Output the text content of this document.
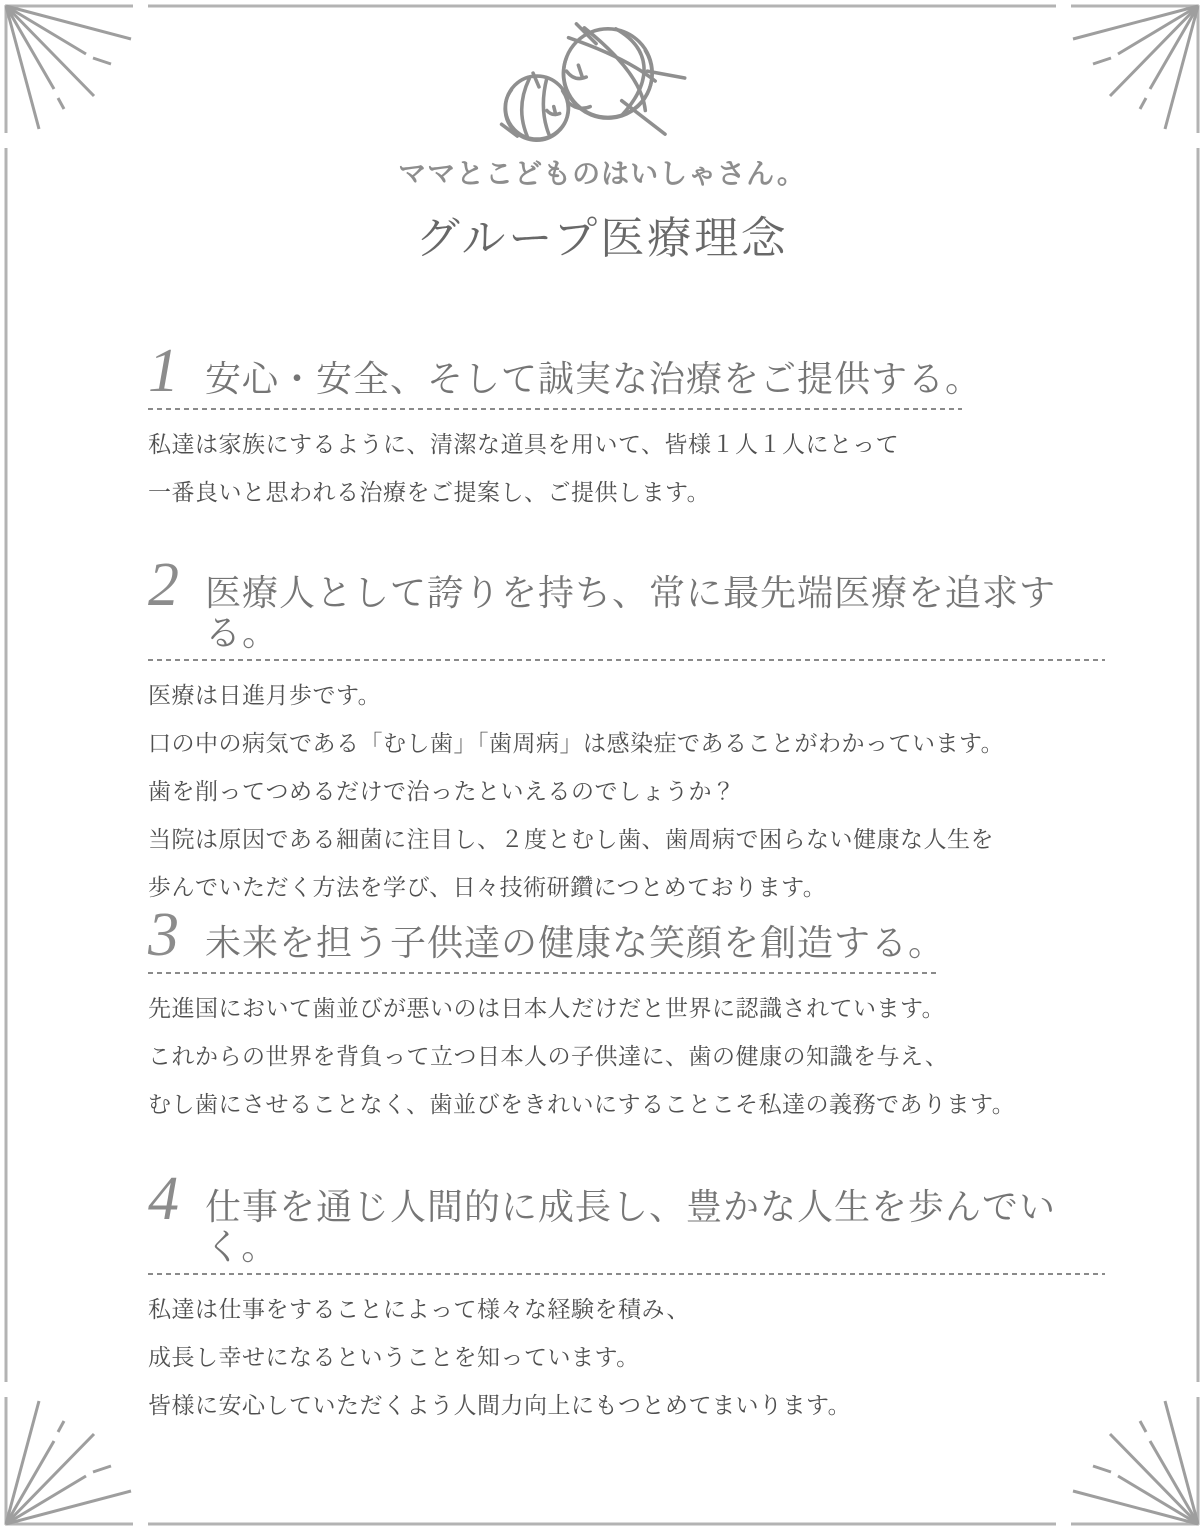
ママとこどものはいしゃさん。
グループ医療理念
1 安心・安全、そして誠実な治療をご提供する。

私達は家族にするように、清潔な道具を用いて、皆様１人１人にとって

一番良いと思われる治療をご提案し、ご提供します。

2 医療人として誇りを持ち、常に最先端医療を追求する。

医療は日進月歩です。

口の中の病気である「むし歯」「歯周病」は感染症であることがわかっています。

歯を削ってつめるだけで治ったといえるのでしょうか？

当院は原因である細菌に注目し、２度とむし歯、歯周病で困らない健康な人生を

歩んでいただく方法を学び、日々技術研鑽につとめております。

3 未来を担う子供達の健康な笑顔を創造する。

先進国において歯並びが悪いのは日本人だけだと世界に認識されています。

これからの世界を背負って立つ日本人の子供達に、歯の健康の知識を与え、

むし歯にさせることなく、歯並びをきれいにすることこそ私達の義務であります。

4 仕事を通じ人間的に成長し、豊かな人生を歩んでいく。

私達は仕事をすることによって様々な経験を積み、

成長し幸せになるということを知っています。

皆様に安心していただくよう人間力向上にもつとめてまいります。
